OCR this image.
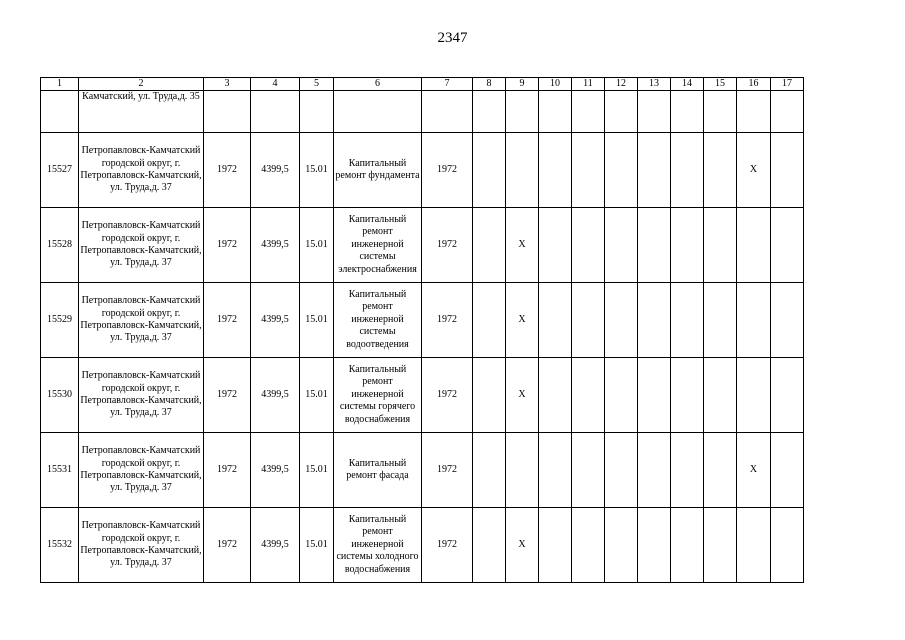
2347
1	2	3	4	5	6	7	8	9	10	11	12	13	14	15	16	17
	Камчатский, ул. Труда,д. 35															
15527	Петропавловск-Камчатский городской округ, г. Петропавловск-Камчатский, ул. Труда,д. 37	1972	4399,5	15.01	Капитальный ремонт фундамента	1972									Х	
15528	Петропавловск-Камчатский городской округ, г. Петропавловск-Камчатский, ул. Труда,д. 37	1972	4399,5	15.01	Капитальный ремонт инженерной системы электроснабжения	1972		Х								
15529	Петропавловск-Камчатский городской округ, г. Петропавловск-Камчатский, ул. Труда,д. 37	1972	4399,5	15.01	Капитальный ремонт инженерной системы водоотведения	1972		Х								
15530	Петропавловск-Камчатский городской округ, г. Петропавловск-Камчатский, ул. Труда,д. 37	1972	4399,5	15.01	Капитальный ремонт инженерной системы горячего водоснабжения	1972		Х								
15531	Петропавловск-Камчатский городской округ, г. Петропавловск-Камчатский, ул. Труда,д. 37	1972	4399,5	15.01	Капитальный ремонт фасада	1972									Х	
15532	Петропавловск-Камчатский городской округ, г. Петропавловск-Камчатский, ул. Труда,д. 37	1972	4399,5	15.01	Капитальный ремонт инженерной системы холодного водоснабжения	1972		Х								
